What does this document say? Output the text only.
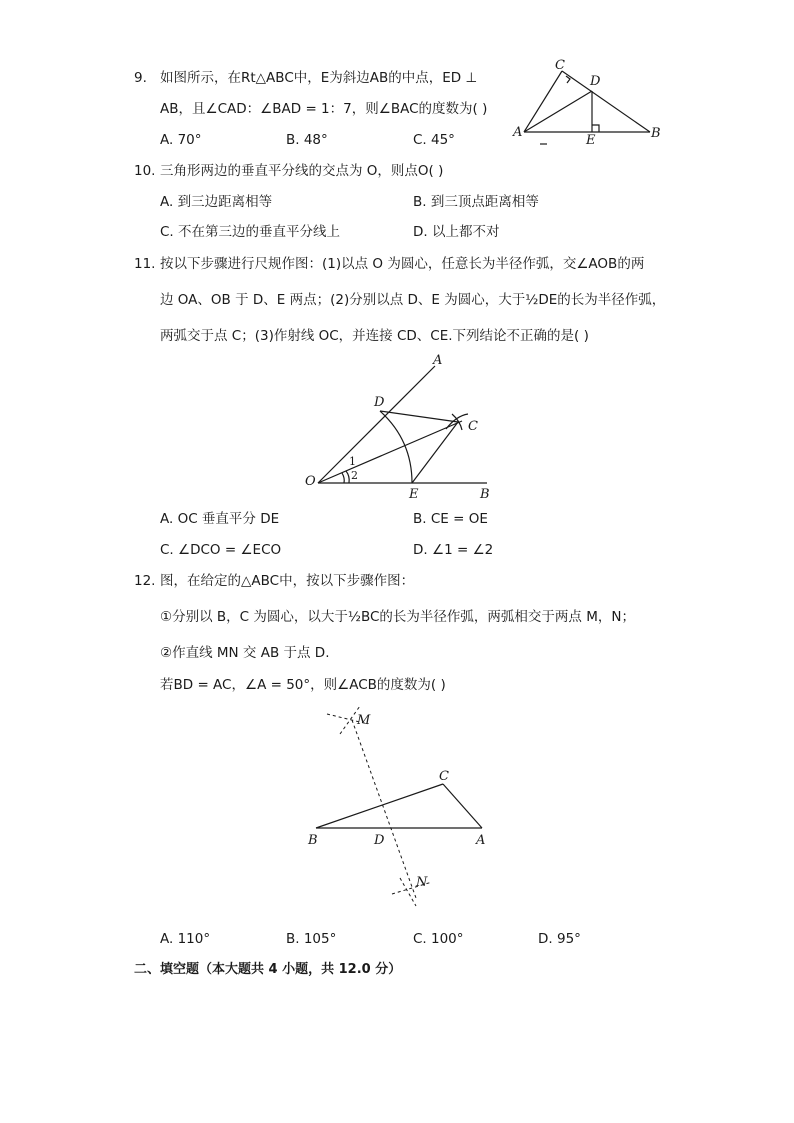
9. 如图所示，在Rt△ABC中，E为斜边AB的中点，ED ⊥
AB，且∠CAD：∠BAD = 1：7，则∠BAC的度数为( )
A. 70°	B. 48°	C. 45°
C
D
A
E	B
10. 三角形两边的垂直平分线的交点为 O，则点O( )
A. 到三边距离相等	B. 到三顶点距离相等
C. 不在第三边的垂直平分线上	D. 以上都不对
11. 按以下步骤进行尺规作图：(1)以点 O 为圆心，任意长为半径作弧，交∠AOB的两
边 OA、OB 于 D、E 两点；(2)分别以点 D、E 为圆心，大于½DE的长为半径作弧，
两弧交于点 C；(3)作射线 OC，并连接 CD、CE.下列结论不正确的是( )
A
D
C
O
E	B
1
2
A. OC 垂直平分 DE	B. CE = OE
C. ∠DCO = ∠ECO	D. ∠1 = ∠2
12. 图，在给定的△ABC中，按以下步骤作图：
①分别以 B，C 为圆心，以大于½BC的长为半径作弧，两弧相交于两点 M，N；
②作直线 MN 交 AB 于点 D.
若BD = AC，∠A = 50°，则∠ACB的度数为( )
M
C
B	D	A
N
A. 110°	B. 105°	C. 100°	D. 95°
二、填空题（本大题共 4 小题，共 12.0 分）
